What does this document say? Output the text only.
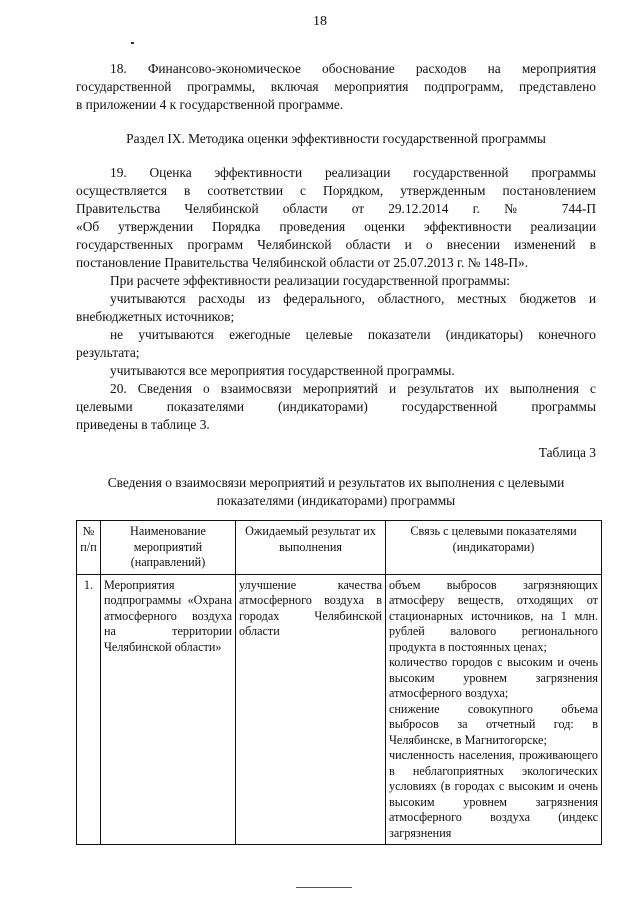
18

18. Финансово-экономическое обоснование расходов на мероприятия

государственной программы, включая мероприятия подпрограмм, представлено

в приложении 4 к государственной программе.

Раздел IX. Методика оценки эффективности государственной программы

19. Оценка эффективности реализации государственной программы

осуществляется в соответствии с Порядком, утвержденным постановлением

Правительства Челябинской области от 29.12.2014 г. № 744-П

«Об утверждении Порядка проведения оценки эффективности реализации

государственных программ Челябинской области и о внесении изменений в

постановление Правительства Челябинской области от 25.07.2013 г. № 148-П».

При расчете эффективности реализации государственной программы:

учитываются расходы из федерального, областного, местных бюджетов и

внебюджетных источников;

не учитываются ежегодные целевые показатели (индикаторы) конечного

результата;

учитываются все мероприятия государственной программы.

20. Сведения о взаимосвязи мероприятий и результатов их выполнения с

целевыми показателями (индикаторами) государственной программы

приведены в таблице 3.

Таблица 3

Сведения о взаимосвязи мероприятий и результатов их выполнения с целевыми

показателями (индикаторами) программы

№ п/п	Наименование мероприятий (направлений)	Ожидаемый результат их выполнения	Связь с целевыми показателями (индикаторами)
1.	Мероприятия подпрограммы «Охрана атмосферного воздуха на территории Челябинской области»	улучшение качества атмосферного воздуха в городах Челябинской области	объем выбросов загрязняющих атмосферу веществ, отходящих от стационарных источников, на 1 млн. рублей валового регионального продукта в постоянных ценах;
количество городов с высоким и очень высоким уровнем загрязнения атмосферного воздуха;
снижение совокупного объема выбросов за отчетный год: в Челябинске, в Магнитогорске;
численность населения, проживающего в неблагоприятных экологических условиях (в городах с высоким и очень высоким уровнем загрязнения атмосферного воздуха (индекс загрязнения
